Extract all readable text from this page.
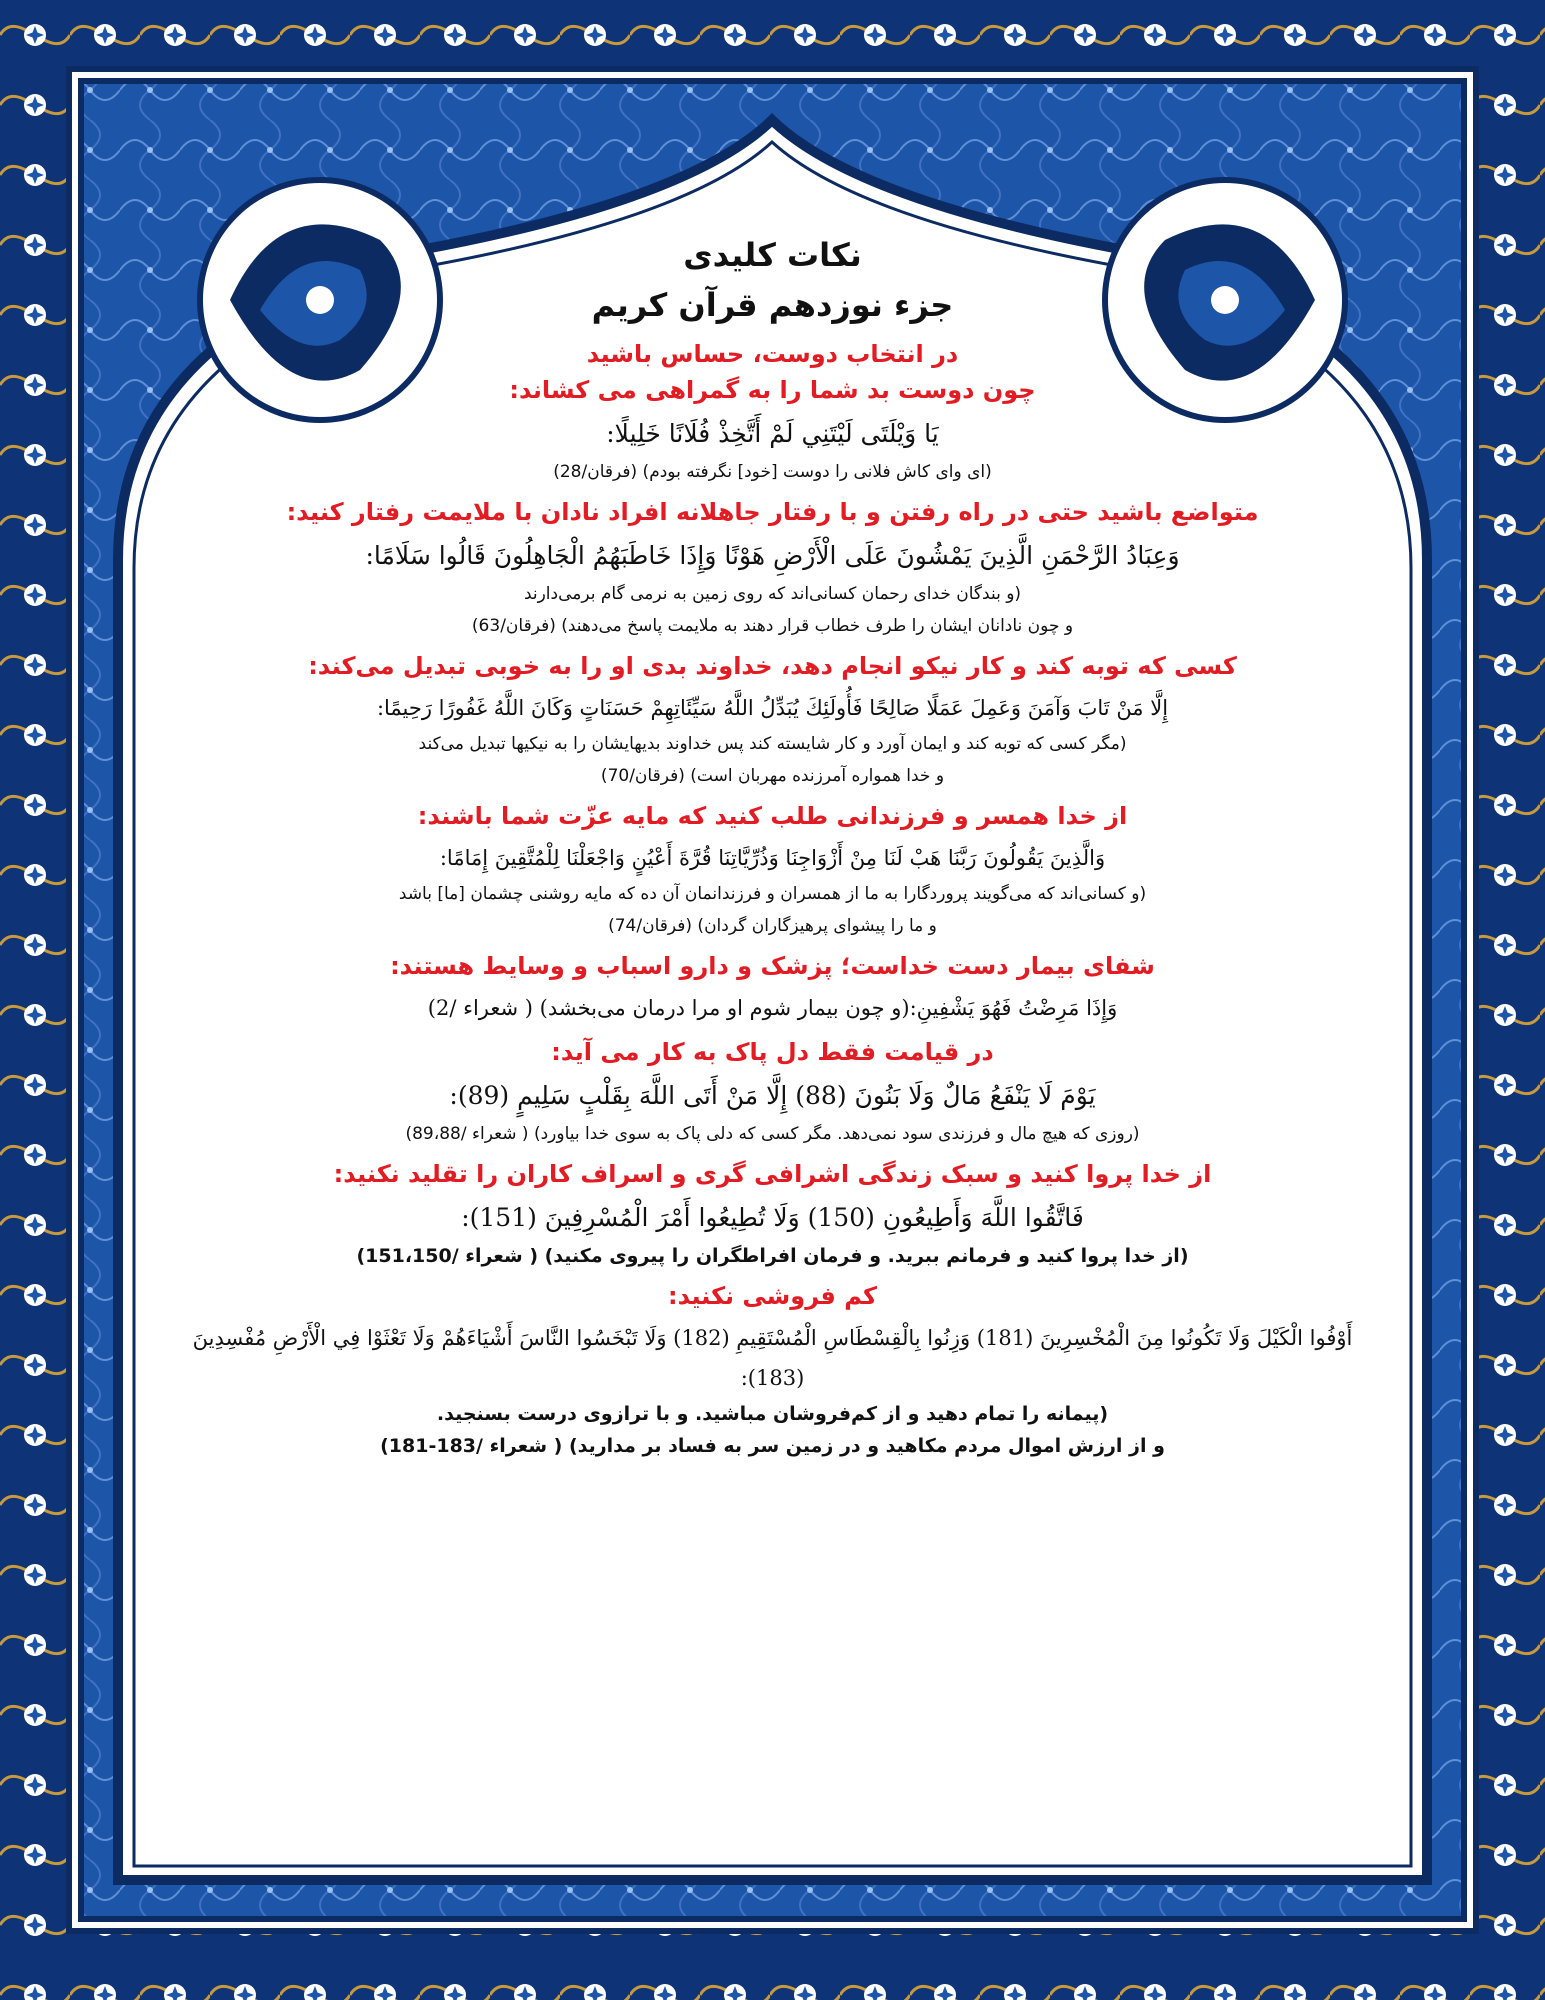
نکات کلیدی

جزء نوزدهم قرآن کریم

در انتخاب دوست، حساس باشید

چون دوست بد شما را به گمراهی می کشاند:

يَا وَيْلَتَى لَيْتَنِي لَمْ أَتَّخِذْ فُلَانًا خَلِيلًا:

(ای وای کاش فلانی را دوست [خود] نگرفته بودم) (فرقان/28)

متواضع باشید حتی در راه رفتن و با رفتار جاهلانه افراد نادان با ملایمت رفتار کنید:

وَعِبَادُ الرَّحْمَنِ الَّذِينَ يَمْشُونَ عَلَى الْأَرْضِ هَوْنًا وَإِذَا خَاطَبَهُمُ الْجَاهِلُونَ قَالُوا سَلَامًا:

(و بندگان خدای رحمان كسانی‌اند كه روی زمين به نرمی گام برمی‌دارند

و چون نادانان ايشان را طرف خطاب قرار دهند به ملايمت پاسخ می‌دهند) (فرقان/63)

کسی که توبه کند و کار نیکو انجام دهد، خداوند بدی او را به خوبی تبدیل می‌کند:

إِلَّا مَنْ تَابَ وَآمَنَ وَعَمِلَ عَمَلًا صَالِحًا فَأُولَئِكَ يُبَدِّلُ اللَّهُ سَيِّئَاتِهِمْ حَسَنَاتٍ وَكَانَ اللَّهُ غَفُورًا رَحِيمًا:

(مگر كسی كه توبه كند و ايمان آورد و كار شايسته كند پس خداوند بديهايشان را به نيكيها تبديل می‌كند

و خدا همواره آمرزنده مهربان است) (فرقان/70)

از خدا همسر و فرزندانی طلب کنید که مایه عزّت شما باشند:

وَالَّذِينَ يَقُولُونَ رَبَّنَا هَبْ لَنَا مِنْ أَزْوَاجِنَا وَذُرِّيَّاتِنَا قُرَّةَ أَعْيُنٍ وَاجْعَلْنَا لِلْمُتَّقِينَ إِمَامًا:

(و كسانی‌اند كه می‌گويند پروردگارا به ما از همسران و فرزندانمان آن ده كه مايه روشنی چشمان [ما] باشد

و ما را پيشوای پرهيزگاران گردان) (فرقان/74)

شفای بیمار دست خداست؛ پزشک و دارو اسباب و وسایط هستند:

وَإِذَا مَرِضْتُ فَهُوَ يَشْفِينِ:(و چون بيمار شوم او مرا درمان می‌بخشد) ( شعراء /2)

در قیامت فقط دل پاک به کار می آید:

يَوْمَ لَا يَنْفَعُ مَالٌ وَلَا بَنُونَ (88) إِلَّا مَنْ أَتَى اللَّهَ بِقَلْبٍ سَلِيمٍ (89):

(روزی كه هيچ مال و فرزندی سود نمی‌دهد. مگر كسی كه دلی پاک به سوی خدا بياورد) ( شعراء /89،88)

از خدا پروا کنید و سبک زندگی اشرافی گری و اسراف کاران را تقلید نکنید:

فَاتَّقُوا اللَّهَ وَأَطِيعُونِ (150) وَلَا تُطِيعُوا أَمْرَ الْمُسْرِفِينَ (151):

(از خدا پروا كنيد و فرمانم ببريد. و فرمان افراطگران را پيروی مكنيد) ( شعراء /151،150)

کم فروشی نکنید:

أَوْفُوا الْكَيْلَ وَلَا تَكُونُوا مِنَ الْمُخْسِرِينَ (181) وَزِنُوا بِالْقِسْطَاسِ الْمُسْتَقِيمِ (182) وَلَا تَبْخَسُوا النَّاسَ أَشْيَاءَهُمْ وَلَا تَعْثَوْا فِي الْأَرْضِ مُفْسِدِينَ (183):

(پيمانه را تمام دهيد و از كم‌فروشان مباشيد. و با ترازوی درست بسنجيد.

و از ارزش اموال مردم مكاهيد و در زمين سر به فساد بر مداريد) ( شعراء /183-181)
